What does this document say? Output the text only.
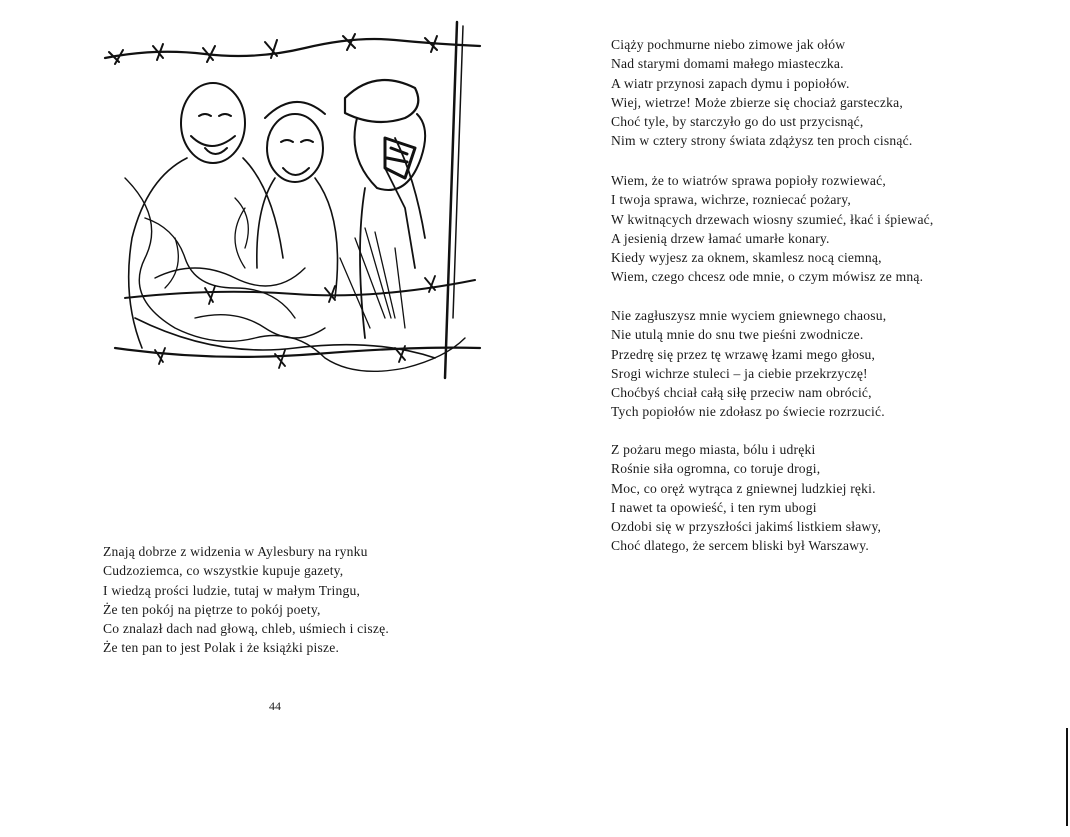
Znają dobrze z widzenia w Aylesbury na rynku
Cudzoziemca, co wszystkie kupuje gazety,
I wiedzą prości ludzie, tutaj w małym Tringu,
Że ten pokój na piętrze to pokój poety,
Co znalazł dach nad głową, chleb, uśmiech i ciszę.
Że ten pan to jest Polak i że książki pisze.
44
Ciąży pochmurne niebo zimowe jak ołów
Nad starymi domami małego miasteczka.
A wiatr przynosi zapach dymu i popiołów.
Wiej, wietrze! Może zbierze się chociaż garsteczka,
Choć tyle, by starczyło go do ust przycisnąć,
Nim w cztery strony świata zdążysz ten proch cisnąć.
Wiem, że to wiatrów sprawa popioły rozwiewać,
I twoja sprawa, wichrze, rozniecać pożary,
W kwitnących drzewach wiosny szumieć, łkać i śpiewać,
A jesienią drzew łamać umarłe konary.
Kiedy wyjesz za oknem, skamlesz nocą ciemną,
Wiem, czego chcesz ode mnie, o czym mówisz ze mną.
Nie zagłuszysz mnie wyciem gniewnego chaosu,
Nie utulą mnie do snu twe pieśni zwodnicze.
Przedrę się przez tę wrzawę łzami mego głosu,
Srogi wichrze stuleci – ja ciebie przekrzyczę!
Choćbyś chciał całą siłę przeciw nam obrócić,
Tych popiołów nie zdołasz po świecie rozrzucić.
Z pożaru mego miasta, bólu i udręki
Rośnie siła ogromna, co toruje drogi,
Moc, co oręż wytrąca z gniewnej ludzkiej ręki.
I nawet ta opowieść, i ten rym ubogi
Ozdobi się w przyszłości jakimś listkiem sławy,
Choć dlatego, że sercem bliski był Warszawy.
